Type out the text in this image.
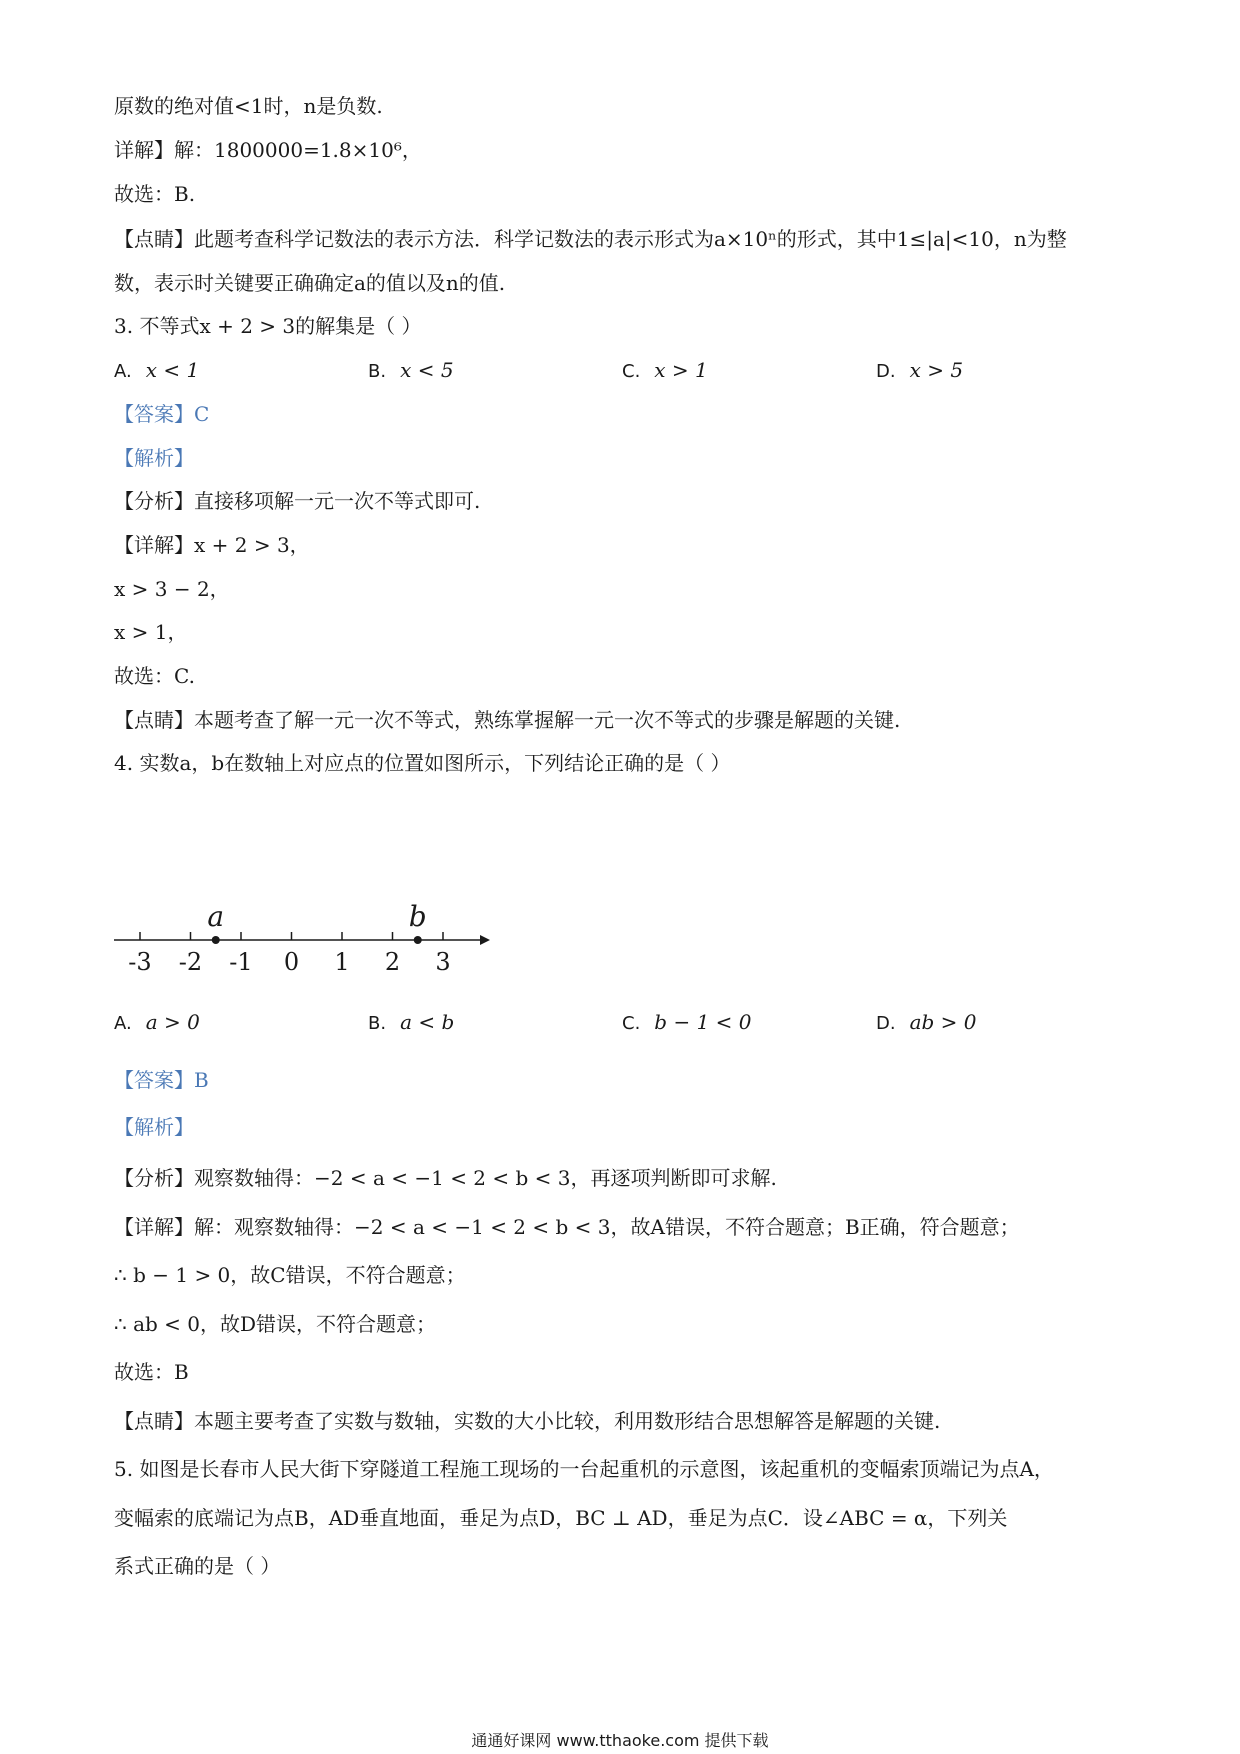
原数的绝对值<1时，n是负数.
详解】解：1800000=1.8×10⁶，
故选：B.
【点睛】此题考查科学记数法的表示方法．科学记数法的表示形式为a×10ⁿ的形式，其中1≤|a|<10，n为整
数，表示时关键要正确确定a的值以及n的值.
3. 不等式x + 2 > 3的解集是（ ）
A. x < 1	B. x < 5	C. x > 1	D. x > 5
【答案】C
【解析】
【分析】直接移项解一元一次不等式即可.
【详解】x + 2 > 3，
x > 3 − 2，
x > 1，
故选：C.
【点睛】本题考查了解一元一次不等式，熟练掌握解一元一次不等式的步骤是解题的关键.
4. 实数a，b在数轴上对应点的位置如图所示，下列结论正确的是（ ）
-3 -2 -1 0 1 2 3
a	b
A. a > 0	B. a < b	C. b − 1 < 0	D. ab > 0
【答案】B
【解析】
【分析】观察数轴得：−2 < a < −1 < 2 < b < 3，再逐项判断即可求解.
【详解】解：观察数轴得：−2 < a < −1 < 2 < b < 3，故A错误，不符合题意；B正确，符合题意；
∴ b − 1 > 0，故C错误，不符合题意；
∴ ab < 0，故D错误，不符合题意；
故选：B
【点睛】本题主要考查了实数与数轴，实数的大小比较，利用数形结合思想解答是解题的关键.
5. 如图是长春市人民大街下穿隧道工程施工现场的一台起重机的示意图，该起重机的变幅索顶端记为点A，
变幅索的底端记为点B，AD垂直地面，垂足为点D，BC ⊥ AD，垂足为点C．设∠ABC = α，下列关
系式正确的是（ ）
通通好课网 www.tthaoke.com 提供下载
